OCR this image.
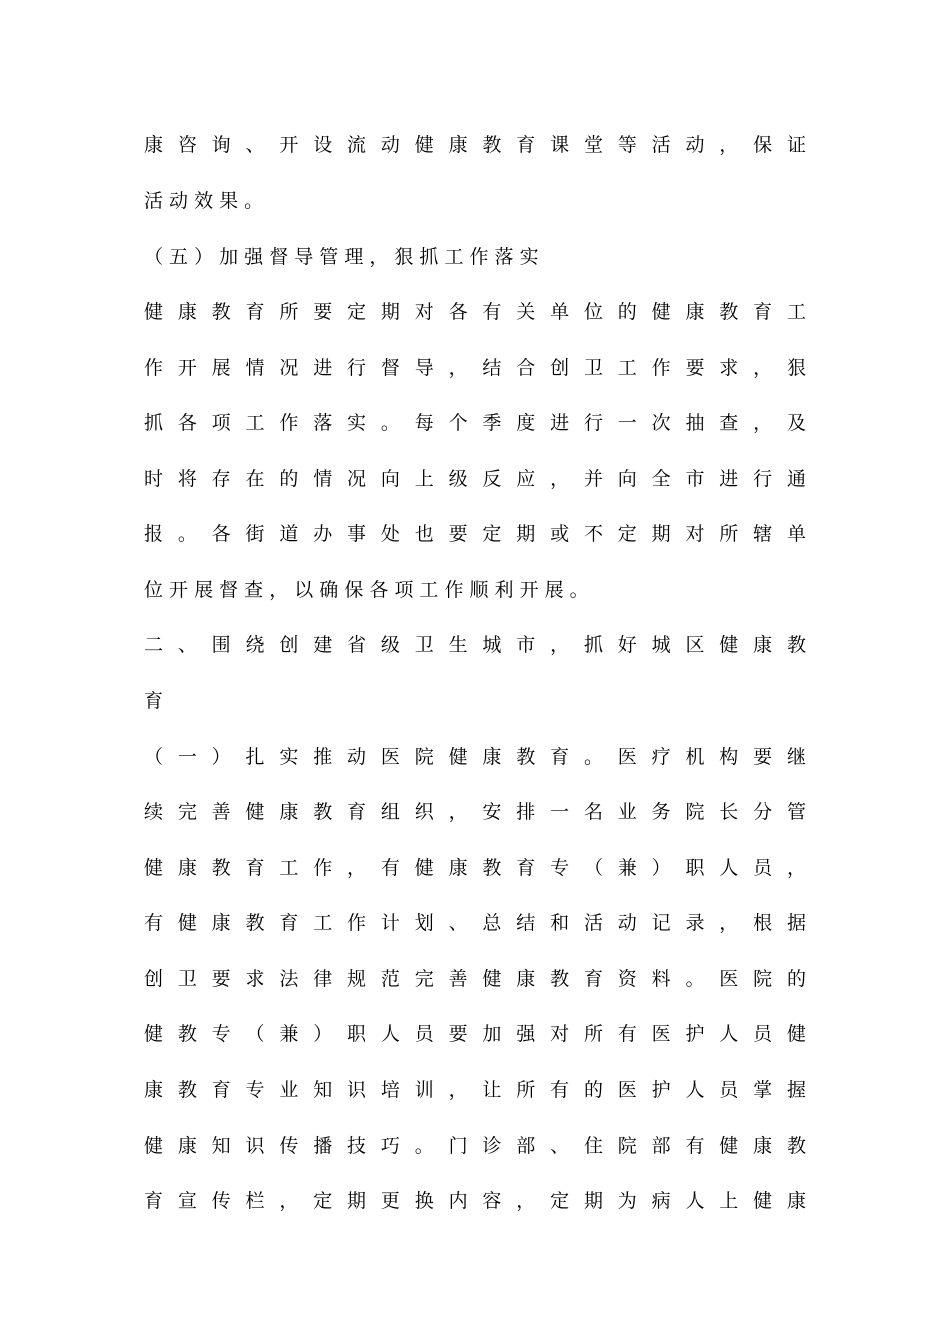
康 咨 询 、 开 设 流 动 健 康 教 育 课 堂 等 活 动 ， 保 证
活 动 效 果 。
（ 五 ） 加 强 督 导 管 理 ， 狠 抓 工 作 落 实
健 康 教 育 所 要 定 期 对 各 有 关 单 位 的 健 康 教 育 工
作 开 展 情 况 进 行 督 导 ， 结 合 创 卫 工 作 要 求 ， 狠
抓 各 项 工 作 落 实 。 每 个 季 度 进 行 一 次 抽 查 ， 及
时 将 存 在 的 情 况 向 上 级 反 应 ， 并 向 全 市 进 行 通
报 。 各 街 道 办 事 处 也 要 定 期 或 不 定 期 对 所 辖 单
位 开 展 督 查 ， 以 确 保 各 项 工 作 顺 利 开 展 。
二 、 围 绕 创 建 省 级 卫 生 城 市 ， 抓 好 城 区 健 康 教
育
（ 一 ） 扎 实 推 动 医 院 健 康 教 育 。 医 疗 机 构 要 继
续 完 善 健 康 教 育 组 织 ， 安 排 一 名 业 务 院 长 分 管
健 康 教 育 工 作 ， 有 健 康 教 育 专 （ 兼 ） 职 人 员 ，
有 健 康 教 育 工 作 计 划 、 总 结 和 活 动 记 录 ， 根 据
创 卫 要 求 法 律 规 范 完 善 健 康 教 育 资 料 。 医 院 的
健 教 专 （ 兼 ） 职 人 员 要 加 强 对 所 有 医 护 人 员 健
康 教 育 专 业 知 识 培 训 ， 让 所 有 的 医 护 人 员 掌 握
健 康 知 识 传 播 技 巧 。 门 诊 部 、 住 院 部 有 健 康 教
育 宣 传 栏 ， 定 期 更 换 内 容 ， 定 期 为 病 人 上 健 康
